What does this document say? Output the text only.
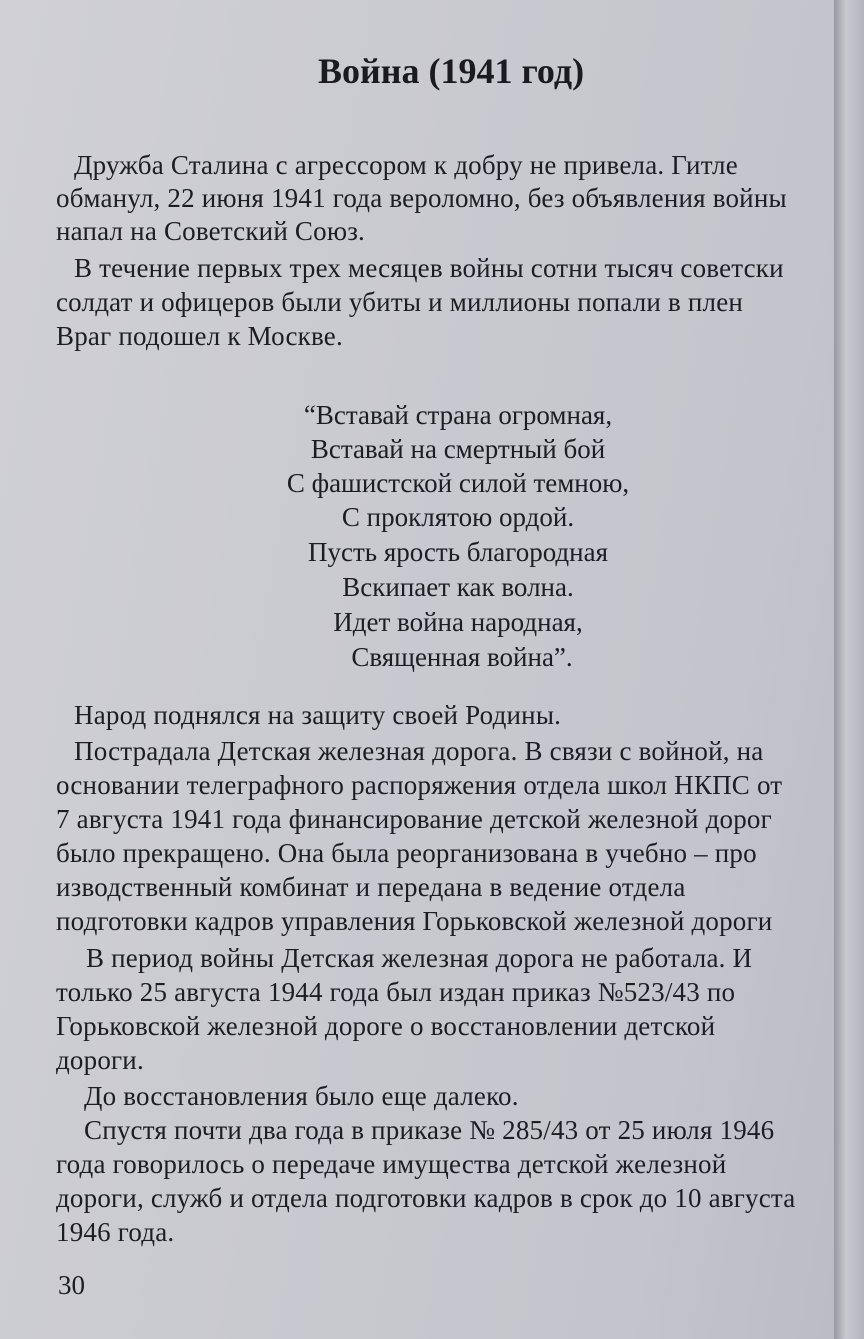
Война (1941 год)
Дружба Сталина с агрессором к добру не привела. Гитле
обманул, 22 июня 1941 года вероломно, без объявления войны
напал на Советский Союз.
В течение первых трех месяцев войны сотни тысяч советски
солдат и офицеров были убиты и миллионы попали в плен
Враг подошел к Москве.
“Вставай страна огромная,
Вставай на смертный бой
С фашистской силой темною,
С проклятою ордой.
Пусть ярость благородная
Вскипает как волна.
Идет война народная,
Священная война”.
Народ поднялся на защиту своей Родины.
Пострадала Детская железная дорога. В связи с войной, на
основании телеграфного распоряжения отдела школ НКПС от
7 августа 1941 года финансирование детской железной дорог
было прекращено. Она была реорганизована в учебно – про
изводственный комбинат и передана в ведение отдела
подготовки кадров управления Горьковской железной дороги
В период войны Детская железная дорога не работала. И
только 25 августа 1944 года был издан приказ №523/43 по
Горьковской железной дороге о восстановлении детской
дороги.
До восстановления было еще далеко.
Спустя почти два года в приказе № 285/43 от 25 июля 1946
года говорилось о передаче имущества детской железной
дороги, служб и отдела подготовки кадров в срок до 10 августа
1946 года.
30
